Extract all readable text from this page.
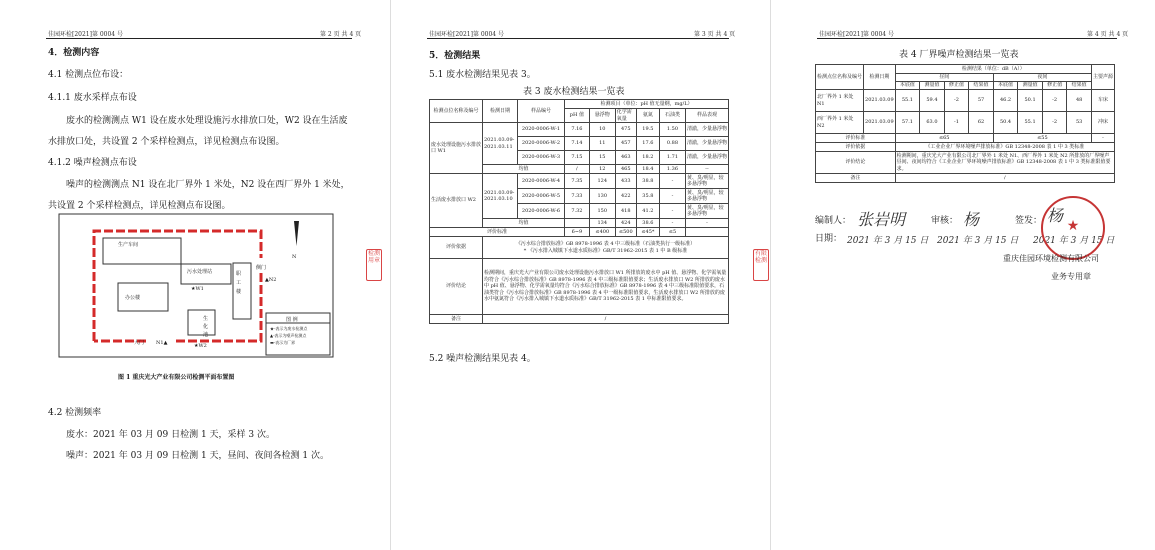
佳园环检[2021]第 0004 号	第 2 页 共 4 页
4．检测内容
4.1 检测点位布设：
4.1.1 废水采样点布设
废水的检测测点 W1 设在废水处理设施污水排放口处，W2 设在生活废
水排放口处，共设置 2 个采样检测点，详见检测点布设图。
4.1.2 噪声检测点布设
噪声的检测测点 N1 设在北厂界外 1 米处，N2 设在西厂界外 1 米处，
共设置 2 个采样检测点，详见检测点布设图。
生产车间
办公楼
污水处理站	职
工
楼
生
化
池
侧门
大门
N
N1▲
▲N2
★W1
★W2
图 例
★-表示为废水检测点
▲-表示为噪声检测点
▬-表示为厂界
图 1 重庆光大产业有限公司检测平面布置图
4.2 检测频率
废水：2021 年 03 月 09 日检测 1 天，采样 3 次。
噪声：2021 年 03 月 09 日检测 1 天，昼间、夜间各检测 1 次。
检测用章
佳园环检[2021]第 0004 号	第 3 页 共 4 页
5．检测结果
5.1 废水检测结果见表 3。
表 3 废水检测结果一览表
检测点位名称及编号	检测日期	样品编号	检测项目（单位：pH 值无量纲，mg/L）					
			pH 值	悬浮物	化学需氧量	氨氮	石油类	样品表观
废水处理设施污水排放口 W1	2021.03.09-2021.03.11	2020-0006-W-1	7.16	10	475	19.5	1.50	清澈，少量悬浮物
		2020-0006-W-2	7.14	11	457	17.6	0.88	清澈，少量悬浮物
		2020-0006-W-3	7.15	15	463	18.2	1.71	清澈，少量悬浮物
	均值		/	12	465	18.4	1.36	--
生活废水排放口 W2	2021.03.09-2021.03.10	2020-0006-W-4	7.35	124	433	38.8	-	黄、臭/明显，较多悬浮物
		2020-0006-W-5	7.33	130	422	35.8	-	黄、臭/明显，较多悬浮物
		2020-0006-W-6	7.32	150	418	41.2	-	黄、臭/明显，较多悬浮物
	均值			134	424	38.6	-	-
评价标准			6~9	≤400	≤500	≤45*	≤5	
评价依据	《污水综合排放标准》GB 8978-1996 表 4 中三级标准（石油类执行一级标准）
* 《污水排入城镇下水道水质标准》GB/T 31962-2015 表 1 中 B 级标准							
评价结论	检测期间，重庆光大产业有限公司废水处理设施污水排放口 W1 所排放的废水中 pH 值、悬浮物、化学需氧量均符合《污水综合排放标准》GB 8978-1996 表 4 中三级标准限值要求；生活废水排放口 W2 所排放的废水中 pH 值、悬浮物、化学需氧量均符合《污水综合排放标准》GB 8978-1996 表 4 中三级标准限值要求，石油类符合《污水综合排放标准》GB 8978-1996 表 4 中一级标准限值要求，生活废水排放口 W2 所排放的废水中氨氮符合《污水排入城镇下水道水质标准》GB/T 31962-2015 表 1 中标准限值要求。							
备注	/							
5.2 噪声检测结果见表 4。
有限 检测
佳园环检[2021]第 0004 号	第 4 页 共 4 页
表 4 厂界噪声检测结果一览表
检测点位名称及编号	检测日期	检测结果（单位：dB（A））								主要声源
		昼间				夜间				
		本底值	测量值	修正值	结果值	本底值	测量值	修正值	结果值	
北厂界外 1 米处 N1	2021.03.09	55.1	59.4	-2	57	46.2	50.1	-2	48	车床
西厂界外 1 米处 N2	2021.03.09	57.1	63.0	-1	62	50.4	55.1	-2	53	冲床
评价标准		≤65				≤55				-
评价依据		《工业企业厂界环境噪声排放标准》GB 12348-2008 表 1 中 3 类标准								
评价结论		检测期间，重庆光大产业有限公司北厂界外 1 米处 N1、西厂界外 1 米处 N2 所排放的厂界噪声昼间、夜间均符合《工业企业厂界环境噪声排放标准》GB 12348-2008 表 1 中 3 类标准限值要求。								
备注		/								
编制人： 张岩明	审核： 杨	签发： 杨
日期： 2021 年 3 月 15 日 2021 年 3 月 15 日 2021 年 3 月 15 日
★
重庆佳园环境检测有限公司
业务专用章
